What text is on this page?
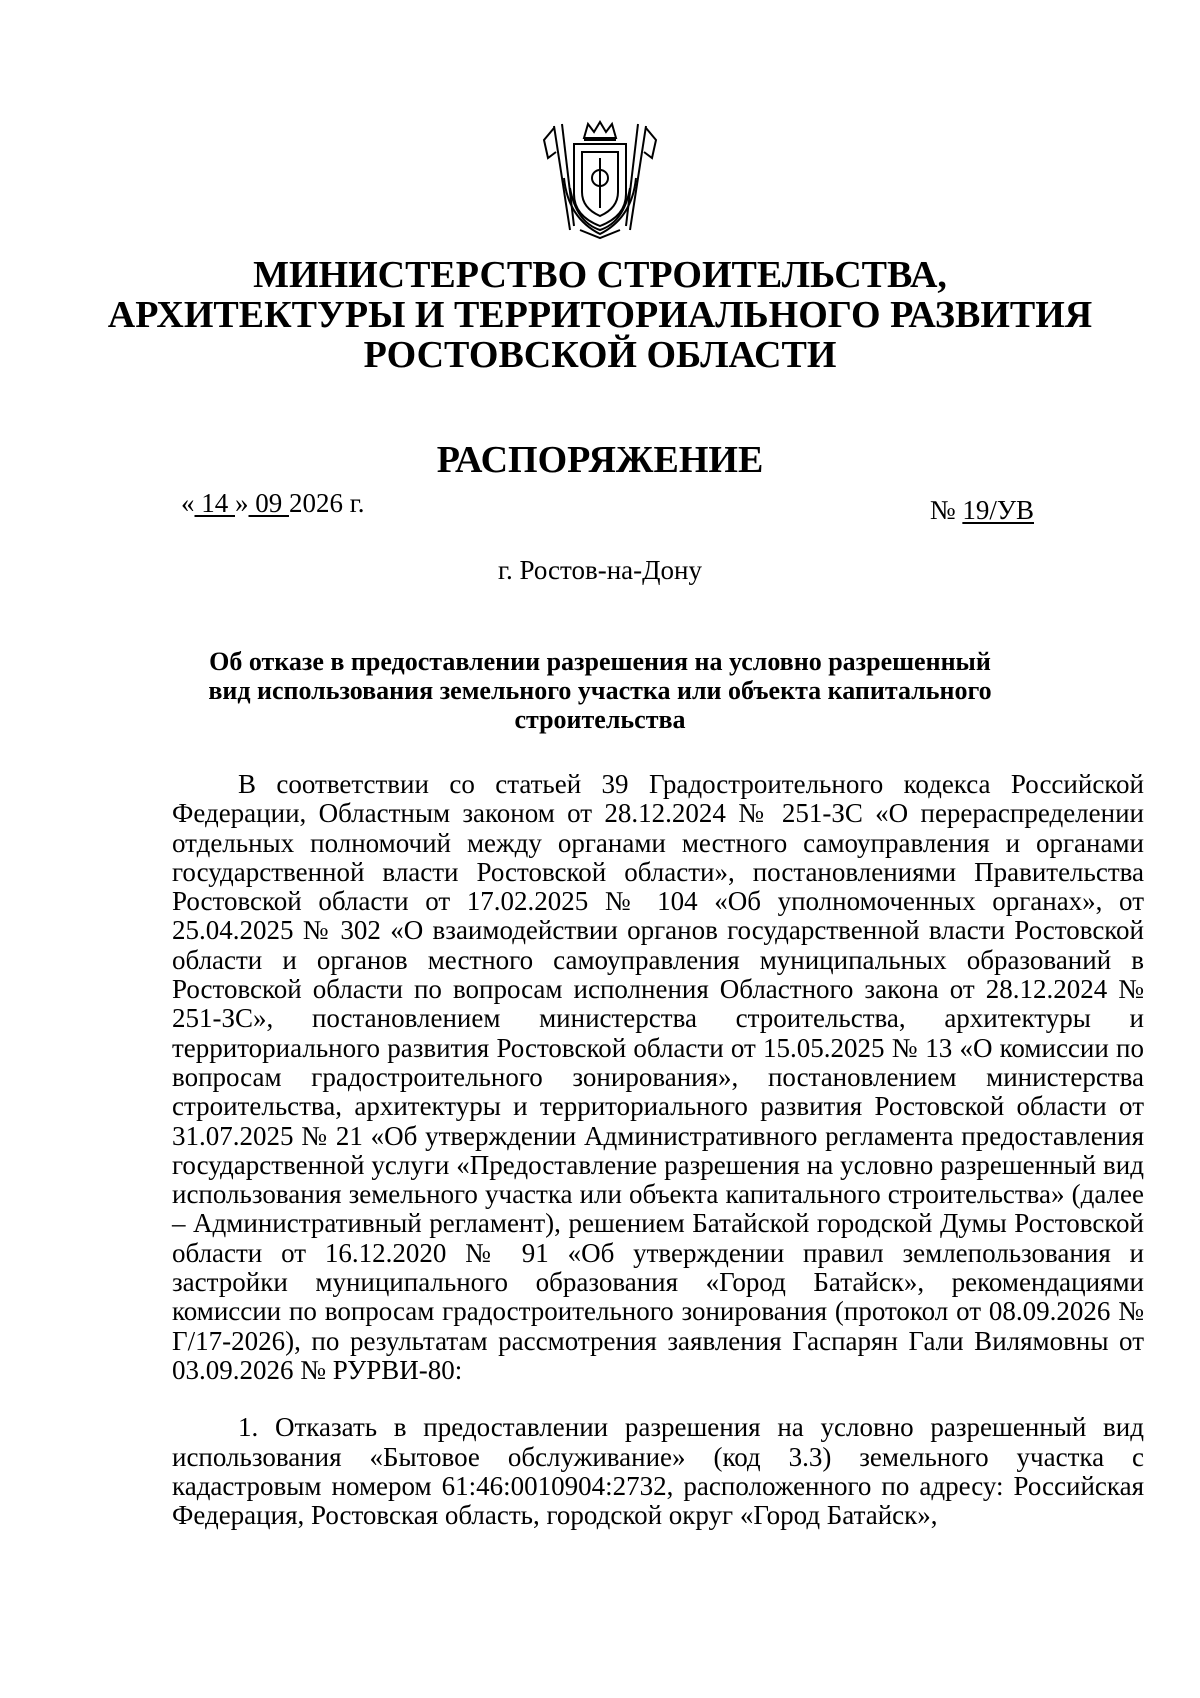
МИНИСТЕРСТВО СТРОИТЕЛЬСТВА,
АРХИТЕКТУРЫ И ТЕРРИТОРИАЛЬНОГО РАЗВИТИЯ
РОСТОВСКОЙ ОБЛАСТИ
РАСПОРЯЖЕНИЕ
« 14 » 09 2026 г.	№ 19/УВ
г. Ростов-на-Дону
Об отказе в предоставлении разрешения на условно разрешенный
вид использования земельного участка или объекта капитального
строительства

В соответствии со статьей 39 Градостроительного кодекса Российской Федерации, Областным законом от 28.12.2024 № 251-ЗС «О перераспределении отдельных полномочий между органами местного самоуправления и органами государственной власти Ростовской области», постановлениями Правительства Ростовской области от 17.02.2025 № 104 «Об уполномоченных органах», от 25.04.2025 № 302 «О взаимодействии органов государственной власти Ростовской области и органов местного самоуправления муниципальных образований в Ростовской области по вопросам исполнения Областного закона от 28.12.2024 № 251-ЗС», постановлением министерства строительства, архитектуры и территориального развития Ростовской области от 15.05.2025 № 13 «О комиссии по вопросам градостроительного зонирования», постановлением министерства строительства, архитектуры и территориального развития Ростовской области от 31.07.2025 № 21 «Об утверждении Административного регламента предоставления государственной услуги «Предоставление разрешения на условно разрешенный вид использования земельного участка или объекта капитального строительства» (далее – Административный регламент), решением Батайской городской Думы Ростовской области от 16.12.2020 № 91 «Об утверждении правил землепользования и застройки муниципального образования «Город Батайск», рекомендациями комиссии по вопросам градостроительного зонирования (протокол от 08.09.2026 № Г/17-2026), по результатам рассмотрения заявления Гаспарян Гали Вилямовны от 03.09.2026 № РУРВИ-80:

1. Отказать в предоставлении разрешения на условно разрешенный вид использования «Бытовое обслуживание» (код 3.3) земельного участка с кадастровым номером 61:46:0010904:2732, расположенного по адресу: Российская Федерация, Ростовская область, городской округ «Город Батайск»,
